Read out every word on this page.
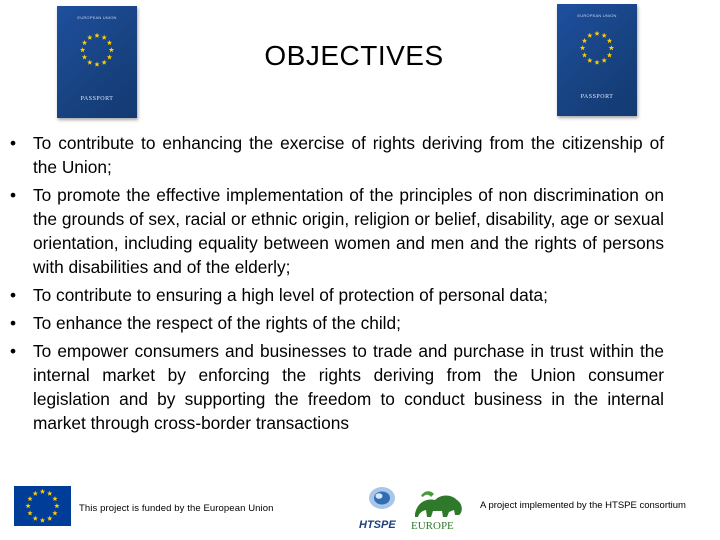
EUROPEAN UNION
PASSPORT
OBJECTIVES
EUROPEAN UNION
PASSPORT
• To contribute to enhancing the exercise of rights deriving from the citizenship of the Union;
• To promote the effective implementation of the principles of non discrimination on the grounds of sex, racial or ethnic origin, religion or belief, disability, age or sexual orientation, including equality between women and men and the rights of persons with disabilities and of the elderly;
• To contribute to ensuring a high level of protection of personal data;
• To enhance the respect of the rights of the child;
• To empower consumers and businesses to trade and purchase in trust within the internal market by enforcing the rights deriving from the Union consumer legislation and by supporting the freedom to conduct business in the internal market through cross-border transactions
This project is funded by the European Union
HTSPE EUROPE
A project implemented by the HTSPE consortium
